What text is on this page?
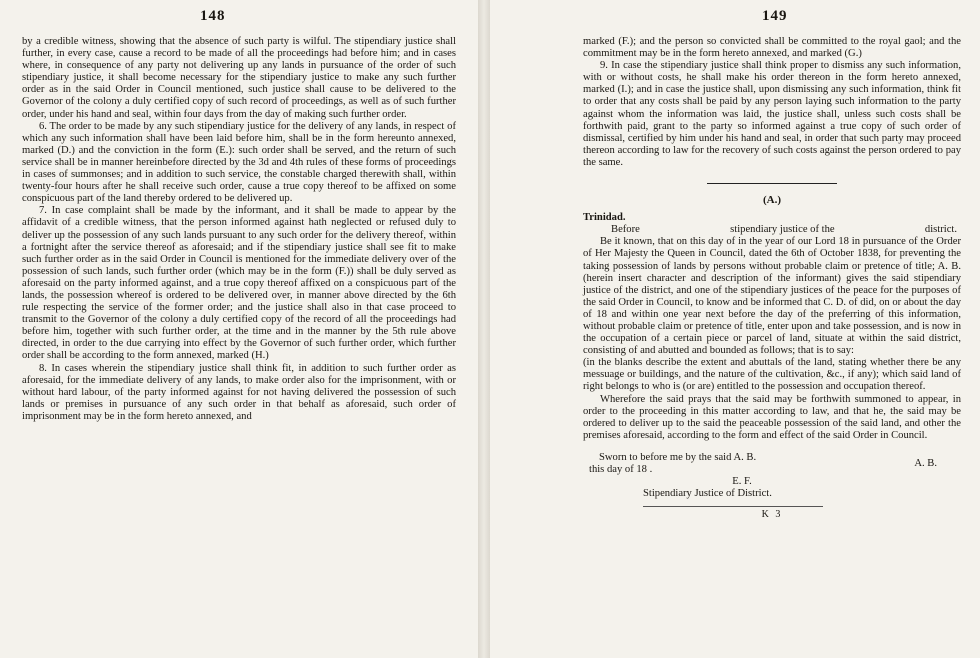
148

by a credible witness, showing that the absence of such party is wilful. The stipendiary justice shall further, in every case, cause a record to be made of all the proceedings had before him; and in cases where, in consequence of any party not delivering up any lands in pursuance of the order of such stipendiary justice, it shall become necessary for the stipendiary justice to make any such further order as in the said Order in Council mentioned, such justice shall cause to be delivered to the Governor of the colony a duly certified copy of such record of proceedings, as well as of such further order, under his hand and seal, within four days from the day of making such further order.

6. The order to be made by any such stipendiary justice for the delivery of any lands, in respect of which any such information shall have been laid before him, shall be in the form hereunto annexed, marked (D.) and the conviction in the form (E.): such order shall be served, and the return of such service shall be in manner hereinbefore directed by the 3d and 4th rules of these forms of proceedings in cases of summonses; and in addition to such service, the constable charged therewith shall, within twenty-four hours after he shall receive such order, cause a true copy thereof to be affixed on some conspicuous part of the land thereby ordered to be delivered up.

7. In case complaint shall be made by the informant, and it shall be made to appear by the affidavit of a credible witness, that the person informed against hath neglected or refused duly to deliver up the possession of any such lands pursuant to any such order for the delivery thereof, within a fortnight after the service thereof as aforesaid; and if the stipendiary justice shall see fit to make such further order as in the said Order in Council is mentioned for the immediate delivery over of the possession of such lands, such further order (which may be in the form (F.)) shall be duly served as aforesaid on the party informed against, and a true copy thereof affixed on a conspicuous part of the lands, the possession whereof is ordered to be delivered over, in manner above directed by the 6th rule respecting the service of the former order; and the justice shall also in that case proceed to transmit to the Governor of the colony a duly certified copy of the record of all the proceedings had before him, together with such further order, at the time and in the manner by the 5th rule above directed, in order to the due carrying into effect by the Governor of such further order, which further order shall be according to the form annexed, marked (H.)

8. In cases wherein the stipendiary justice shall think fit, in addition to such further order as aforesaid, for the immediate delivery of any lands, to make order also for the imprisonment, with or without hard labour, of the party informed against for not having delivered the possession of such lands or premises in pursuance of any such order in that behalf as aforesaid, such order of imprisonment may be in the form hereto annexed, and

149

marked (F.); and the person so convicted shall be committed to the royal gaol; and the commitment may be in the form hereto annexed, and marked (G.)

9. In case the stipendiary justice shall think proper to dismiss any such information, with or without costs, he shall make his order thereon in the form hereto annexed, marked (I.); and in case the justice shall, upon dismissing any such information, think fit to order that any costs shall be paid by any person laying such information to the party against whom the information was laid, the justice shall, unless such costs shall be forthwith paid, grant to the party so informed against a true copy of such order of dismissal, certified by him under his hand and seal, in order that such party may proceed thereon according to law for the recovery of such costs against the person ordered to pay the same.

(A.)

Trinidad.

Before	stipendiary justice of the	district.

Be it known, that on this day of in the year of our Lord 18 in pursuance of the Order of Her Majesty the Queen in Council, dated the 6th of October 1838, for preventing the taking possession of lands by persons without probable claim or pretence of title; A. B. (herein insert character and description of the informant) gives the said stipendiary justice of the district, and one of the stipendiary justices of the peace for the purposes of the said Order in Council, to know and be informed that C. D. of did, on or about the day of 18 and within one year next before the day of the preferring of this information, without probable claim or pretence of title, enter upon and take possession, and is now in the occupation of a certain piece or parcel of land, situate at within the said district, consisting of and abutted and bounded as follows; that is to say:

(in the blanks describe the extent and abuttals of the land, stating whether there be any messuage or buildings, and the nature of the cultivation, &c., if any); which said land of right belongs to who is (or are) entitled to the possession and occupation thereof.

Wherefore the said prays that the said may be forthwith summoned to appear, in order to the proceeding in this matter according to law, and that he, the said may be ordered to deliver up to the said the peaceable possession of the said land, and other the premises aforesaid, according to the form and effect of the said Order in Council.

Sworn to before me by the said A. B.
this day of 18 .
A. B.
E. F.
Stipendiary Justice of District.
K 3
